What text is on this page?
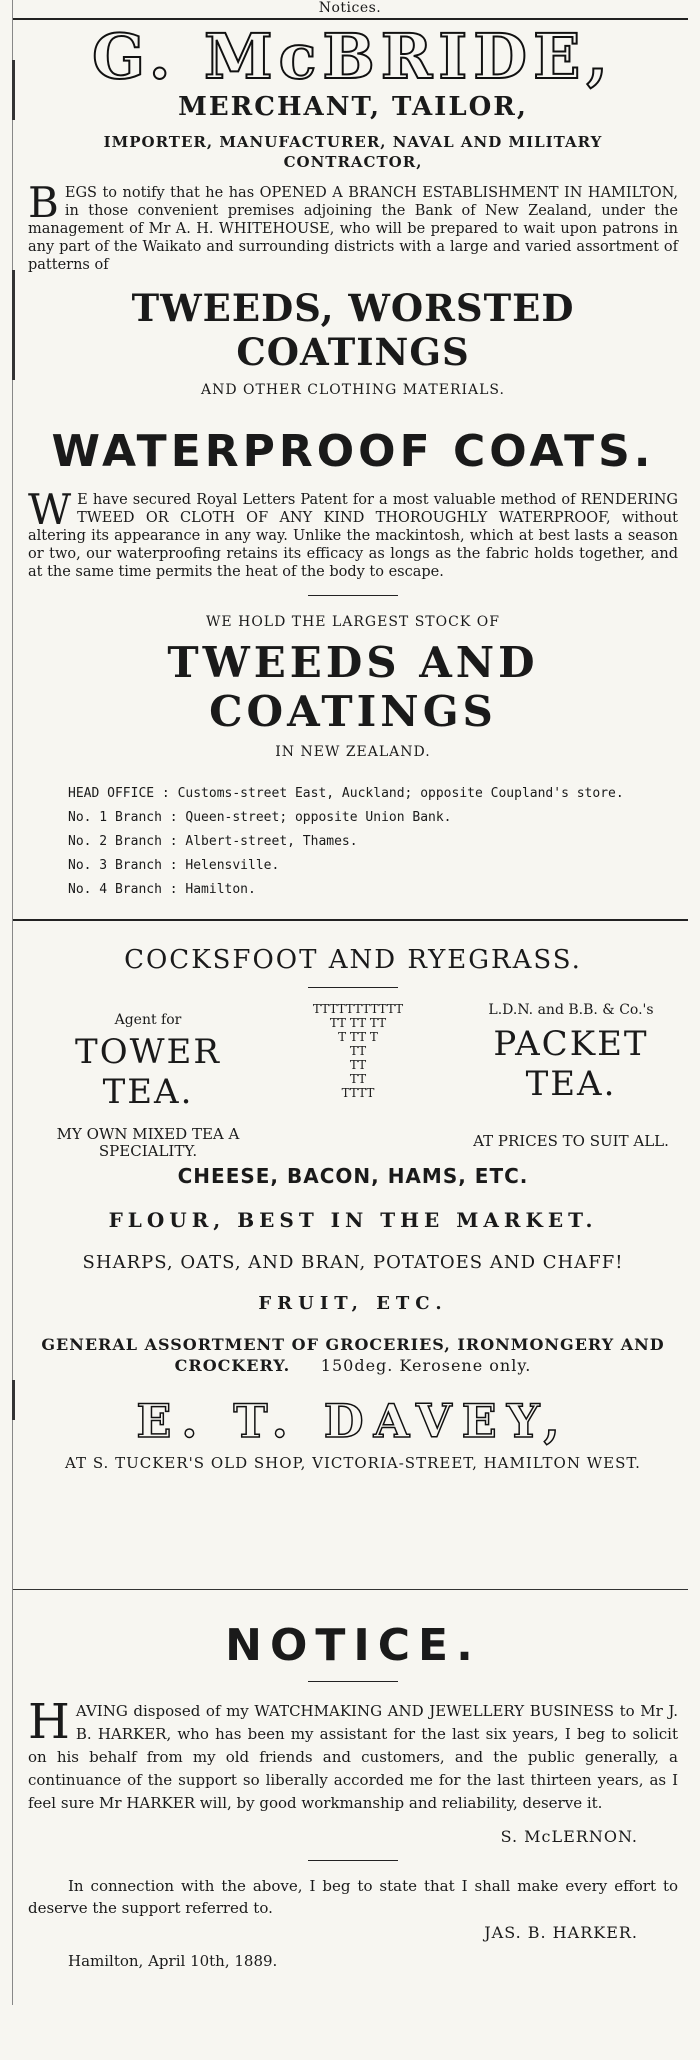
Notices.
G. McBRIDE,
MERCHANT, TAILOR,
IMPORTER, MANUFACTURER, NAVAL AND MILITARY CONTRACTOR,
BEGS to notify that he has OPENED A BRANCH ESTABLISHMENT IN HAMILTON, in those convenient premises adjoining the Bank of New Zealand, under the management of Mr A. H. WHITEHOUSE, who will be prepared to wait upon patrons in any part of the Waikato and surrounding districts with a large and varied assortment of patterns of
TWEEDS, WORSTED COATINGS
AND OTHER CLOTHING MATERIALS.
WATERPROOF COATS.
W E have secured Royal Letters Patent for a most valuable method of RENDERING TWEED OR CLOTH OF ANY KIND THOROUGHLY WATERPROOF, without altering its appearance in any way. Unlike the mackintosh, which at best lasts a season or two, our waterproofing retains its efficacy as longs as the fabric holds together, and at the same time permits the heat of the body to escape.
WE HOLD THE LARGEST STOCK OF
TWEEDS AND COATINGS
IN NEW ZEALAND.
HEAD OFFICE : Customs-street East, Auckland; opposite Coupland's store.
No. 1 Branch : Queen-street; opposite Union Bank.
No. 2 Branch : Albert-street, Thames.
No. 3 Branch : Helensville.
No. 4 Branch : Hamilton.
COCKSFOOT AND RYEGRASS.
Agent for
TOWER TEA.
MY OWN MIXED TEA A SPECIALITY.
TTTTTTTTTTT
TT TT TT
T TT T
TT
TT
TT
TTTT
L.D.N. and B.B. & Co.'s
PACKET TEA.
AT PRICES TO SUIT ALL.
CHEESE, BACON, HAMS, ETC.
FLOUR, BEST IN THE MARKET.
SHARPS, OATS, AND BRAN, POTATOES AND CHAFF!
FRUIT, ETC.
GENERAL ASSORTMENT OF GROCERIES, IRONMONGERY AND CROCKERY. 150deg. Kerosene only.
E. T. DAVEY,
AT S. TUCKER'S OLD SHOP, VICTORIA-STREET, HAMILTON WEST.
NOTICE.
HAVING disposed of my WATCHMAKING AND JEWELLERY BUSINESS to Mr J. B. HARKER, who has been my assistant for the last six years, I beg to solicit on his behalf from my old friends and customers, and the public generally, a continuance of the support so liberally accorded me for the last thirteen years, as I feel sure Mr HARKER will, by good workmanship and reliability, deserve it.
S. McLERNON.
In connection with the above, I beg to state that I shall make every effort to deserve the support referred to.
JAS. B. HARKER.
Hamilton, April 10th, 1889.
